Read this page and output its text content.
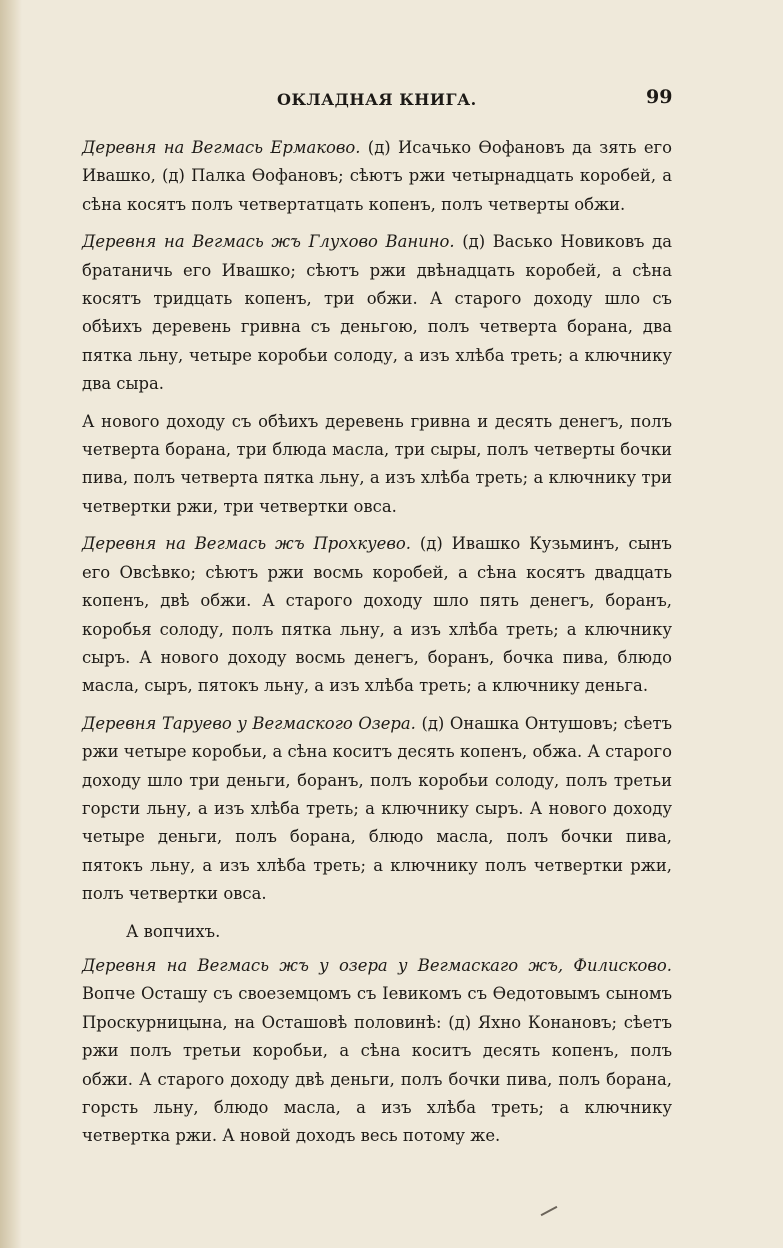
ОКЛАДНАЯ КНИГА.	99

Деревня на Вегмась Ермаково. (д) Исачько Ѳофановъ да зять его Ивашко, (д) Палка Ѳофановъ; сѣютъ ржи четырнадцать коробей, а сѣна косятъ полъ четвертатцать копенъ, полъ четверты обжи.

Деревня на Вегмась жъ Глухово Ванино. (д) Васько Новиковъ да братаничь его Ивашко; сѣютъ ржи двѣнадцать коробей, а сѣна косятъ тридцать копенъ, три обжи. А старого доходу шло съ обѣихъ деревень гривна съ деньгою, полъ четверта борана, два пятка льну, четыре коробьи солоду, а изъ хлѣба треть; а ключнику два сыра.

А нового доходу съ обѣихъ деревень гривна и десять денегъ, полъ четверта борана, три блюда масла, три сыры, полъ четверты бочки пива, полъ четверта пятка льну, а изъ хлѣба треть; а ключнику три четвертки ржи, три четвертки овса.

Деревня на Вегмась жъ Прохкуево. (д) Ивашко Кузьминъ, сынъ его Овсѣвко; сѣютъ ржи восмь коробей, а сѣна косятъ двадцать копенъ, двѣ обжи. А старого доходу шло пять денегъ, боранъ, коробья солоду, полъ пятка льну, а изъ хлѣба треть; а ключнику сыръ. А нового доходу восмь денегъ, боранъ, бочка пива, блюдо масла, сыръ, пятокъ льну, а изъ хлѣба треть; а ключнику деньга.

Деревня Таруево у Вегмаского Озера. (д) Онашка Онтушовъ; сѣетъ ржи четыре коробьи, а сѣна коситъ десять копенъ, обжа. А старого доходу шло три деньги, боранъ, полъ коробьи солоду, полъ третьи горсти льну, а изъ хлѣба треть; а ключнику сыръ. А нового доходу четыре деньги, полъ борана, блюдо масла, полъ бочки пива, пятокъ льну, а изъ хлѣба треть; а ключнику полъ четвертки ржи, полъ четвертки овса.

А вопчихъ.

Деревня на Вегмась жъ у озера у Вегмаскаго жъ, Филисково. Вопче Осташу съ своеземцомъ съ Іевикомъ съ Ѳедотовымъ сыномъ Проскурницына, на Осташовѣ половинѣ: (д) Яхно Конановъ; сѣетъ ржи полъ третьи коробьи, а сѣна коситъ десять копенъ, полъ обжи. А старого доходу двѣ деньги, полъ бочки пива, полъ борана, горсть льну, блюдо масла, а изъ хлѣба треть; а ключнику четвертка ржи. А новой доходъ весь потому же.
